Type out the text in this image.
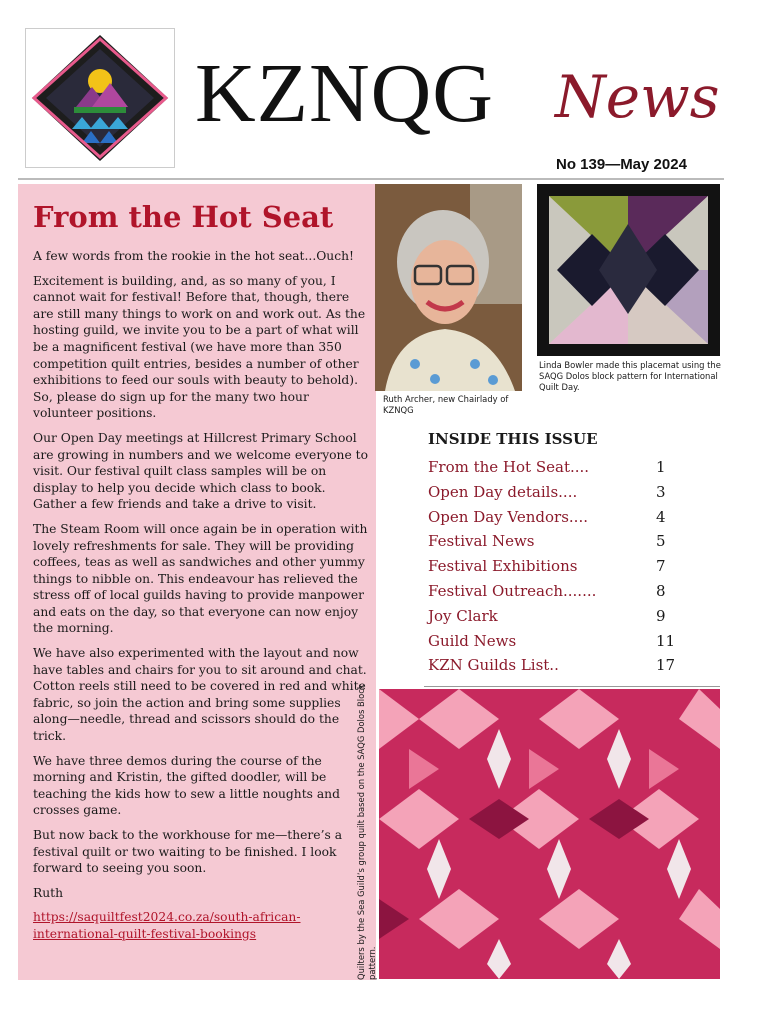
KZNQG News
No 139—May 2024
From the Hot Seat

A few words from the rookie in the hot seat...Ouch!

Excitement is building, and, as so many of you, I cannot wait for festival! Before that, though, there are still many things to work on and work out. As the hosting guild, we invite you to be a part of what will be a magnificent festival (we have more than 350 competition quilt entries, besides a number of other exhibitions to feed our souls with beauty to behold). So, please do sign up for the many two hour volunteer positions.

Our Open Day meetings at Hillcrest Primary School are growing in numbers and we welcome everyone to visit. Our festival quilt class samples will be on display to help you decide which class to book. Gather a few friends and take a drive to visit.

The Steam Room will once again be in operation with lovely refreshments for sale. They will be providing coffees, teas as well as sandwiches and other yummy things to nibble on. This endeavour has relieved the stress off of local guilds having to provide manpower and eats on the day, so that everyone can now enjoy the morning.

We have also experimented with the layout and now have tables and chairs for you to sit around and chat. Cotton reels still need to be covered in red and white fabric, so join the action and bring some supplies along—needle, thread and scissors should do the trick.

We have three demos during the course of the morning and Kristin, the gifted doodler, will be teaching the kids how to sew a little noughts and crosses game.

But now back to the workhouse for me—there’s a festival quilt or two waiting to be finished. I look forward to seeing you soon.

Ruth

https://saquiltfest2024.co.za/south-african-international-quilt-festival-bookings

Ruth Archer, new Chairlady of KZNQG
Linda Bowler made this placemat using the SAQG Dolos block pattern for International Quilt Day.
INSIDE THIS ISSUE
From the Hot Seat....	1
Open Day details....	3
Open Day Vendors....	4
Festival News	5
Festival Exhibitions	7
Festival Outreach.......	8
Joy Clark	9
Guild News	11
KZN Guilds List..	17
Quilters by the Sea Guild’s group quilt based on the SAQG Dolos Block pattern.
